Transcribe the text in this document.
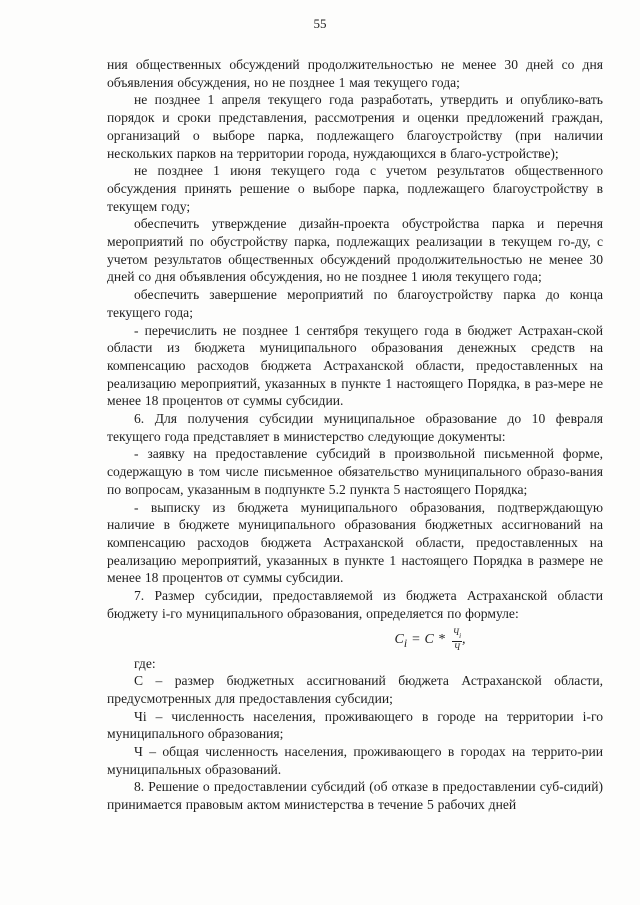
55

ния общественных обсуждений продолжительностью не менее 30 дней со дня объявления обсуждения, но не позднее 1 мая текущего года;

не позднее 1 апреля текущего года разработать, утвердить и опублико-вать порядок и сроки представления, рассмотрения и оценки предложений граждан, организаций о выборе парка, подлежащего благоустройству (при наличии нескольких парков на территории города, нуждающихся в благо-устройстве);

не позднее 1 июня текущего года с учетом результатов общественного обсуждения принять решение о выборе парка, подлежащего благоустройству в текущем году;

обеспечить утверждение дизайн-проекта обустройства парка и перечня мероприятий по обустройству парка, подлежащих реализации в текущем го-ду, с учетом результатов общественных обсуждений продолжительностью не менее 30 дней со дня объявления обсуждения, но не позднее 1 июля текущего года;

обеспечить завершение мероприятий по благоустройству парка до конца текущего года;

- перечислить не позднее 1 сентября текущего года в бюджет Астрахан-ской области из бюджета муниципального образования денежных средств на компенсацию расходов бюджета Астраханской области, предоставленных на реализацию мероприятий, указанных в пункте 1 настоящего Порядка, в раз-мере не менее 18 процентов от суммы субсидии.

6. Для получения субсидии муниципальное образование до 10 февраля текущего года представляет в министерство следующие документы:

- заявку на предоставление субсидий в произвольной письменной форме, содержащую в том числе письменное обязательство муниципального образо-вания по вопросам, указанным в подпункте 5.2 пункта 5 настоящего Порядка;

- выписку из бюджета муниципального образования, подтверждающую наличие в бюджете муниципального образования бюджетных ассигнований на компенсацию расходов бюджета Астраханской области, предоставленных на реализацию мероприятий, указанных в пункте 1 настоящего Порядка в размере не менее 18 процентов от суммы субсидии.

7. Размер субсидии, предоставляемой из бюджета Астраханской области бюджету i-го муниципального образования, определяется по формуле:

$C_i = C * \frac{Ч_i}{Ч}$ ,

где:

С – размер бюджетных ассигнований бюджета Астраханской области, предусмотренных для предоставления субсидии;

Чi – численность населения, проживающего в городе на территории i-го муниципального образования;

Ч – общая численность населения, проживающего в городах на террито-рии муниципальных образований.

8. Решение о предоставлении субсидий (об отказе в предоставлении суб-сидий) принимается правовым актом министерства в течение 5 рабочих дней
